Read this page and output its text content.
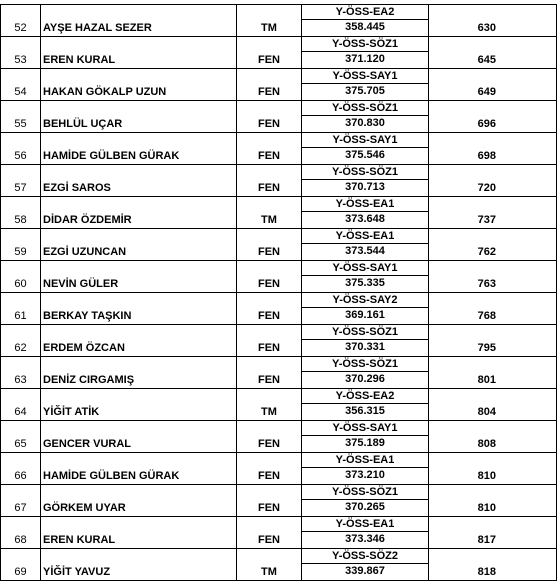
52	AYŞE HAZAL SEZER	TM	Y-ÖSS-EA2
358.445	630
53	EREN KURAL	FEN	Y-ÖSS-SÖZ1
371.120	645
54	HAKAN GÖKALP UZUN	FEN	Y-ÖSS-SAY1
375.705	649
55	BEHLÜL UÇAR	FEN	Y-ÖSS-SÖZ1
370.830	696
56	HAMİDE GÜLBEN GÜRAK	FEN	Y-ÖSS-SAY1
375.546	698
57	EZGİ SAROS	FEN	Y-ÖSS-SÖZ1
370.713	720
58	DİDAR ÖZDEMİR	TM	Y-ÖSS-EA1
373.648	737
59	EZGİ UZUNCAN	FEN	Y-ÖSS-EA1
373.544	762
60	NEVİN GÜLER	FEN	Y-ÖSS-SAY1
375.335	763
61	BERKAY TAŞKIN	FEN	Y-ÖSS-SAY2
369.161	768
62	ERDEM ÖZCAN	FEN	Y-ÖSS-SÖZ1
370.331	795
63	DENİZ CIRGAMIŞ	FEN	Y-ÖSS-SÖZ1
370.296	801
64	YİĞİT ATİK	TM	Y-ÖSS-EA2
356.315	804
65	GENCER VURAL	FEN	Y-ÖSS-SAY1
375.189	808
66	HAMİDE GÜLBEN GÜRAK	FEN	Y-ÖSS-EA1
373.210	810
67	GÖRKEM UYAR	FEN	Y-ÖSS-SÖZ1
370.265	810
68	EREN KURAL	FEN	Y-ÖSS-EA1
373.346	817
69	YİĞİT YAVUZ	TM	Y-ÖSS-SÖZ2
339.867	818
